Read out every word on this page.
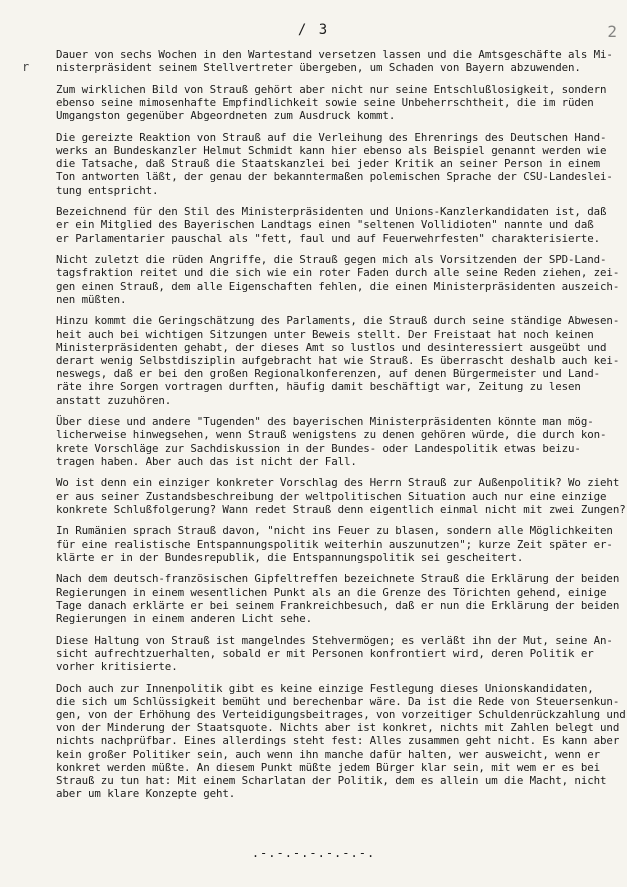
/ 3	2
r

Dauer von sechs Wochen in den Wartestand versetzen lassen und die Amtsgeschäfte als Mi-
nisterpräsident seinem Stellvertreter übergeben, um Schaden von Bayern abzuwenden.

Zum wirklichen Bild von Strauß gehört aber nicht nur seine Entschlußlosigkeit, sondern
ebenso seine mimosenhafte Empfindlichkeit sowie seine Unbeherrschtheit, die im rüden
Umgangston gegenüber Abgeordneten zum Ausdruck kommt.

Die gereizte Reaktion von Strauß auf die Verleihung des Ehrenrings des Deutschen Hand-
werks an Bundeskanzler Helmut Schmidt kann hier ebenso als Beispiel genannt werden wie
die Tatsache, daß Strauß die Staatskanzlei bei jeder Kritik an seiner Person in einem
Ton antworten läßt, der genau der bekanntermaßen polemischen Sprache der CSU-Landeslei-
tung entspricht.

Bezeichnend für den Stil des Ministerpräsidenten und Unions-Kanzlerkandidaten ist, daß
er ein Mitglied des Bayerischen Landtags einen "seltenen Vollidioten" nannte und daß
er Parlamentarier pauschal als "fett, faul und auf Feuerwehrfesten" charakterisierte.

Nicht zuletzt die rüden Angriffe, die Strauß gegen mich als Vorsitzenden der SPD-Land-
tagsfraktion reitet und die sich wie ein roter Faden durch alle seine Reden ziehen, zei-
gen einen Strauß, dem alle Eigenschaften fehlen, die einen Ministerpräsidenten auszeich-
nen müßten.

Hinzu kommt die Geringschätzung des Parlaments, die Strauß durch seine ständige Abwesen-
heit auch bei wichtigen Sitzungen unter Beweis stellt. Der Freistaat hat noch keinen
Ministerpräsidenten gehabt, der dieses Amt so lustlos und desinteressiert ausgeübt und
derart wenig Selbstdisziplin aufgebracht hat wie Strauß. Es überrascht deshalb auch kei-
neswegs, daß er bei den großen Regionalkonferenzen, auf denen Bürgermeister und Land-
räte ihre Sorgen vortragen durften, häufig damit beschäftigt war, Zeitung zu lesen
anstatt zuzuhören.

Über diese und andere "Tugenden" des bayerischen Ministerpräsidenten könnte man mög-
licherweise hinwegsehen, wenn Strauß wenigstens zu denen gehören würde, die durch kon-
krete Vorschläge zur Sachdiskussion in der Bundes- oder Landespolitik etwas beizu-
tragen haben. Aber auch das ist nicht der Fall.

Wo ist denn ein einziger konkreter Vorschlag des Herrn Strauß zur Außenpolitik? Wo zieht
er aus seiner Zustandsbeschreibung der weltpolitischen Situation auch nur eine einzige
konkrete Schlußfolgerung? Wann redet Strauß denn eigentlich einmal nicht mit zwei Zungen?

In Rumänien sprach Strauß davon, "nicht ins Feuer zu blasen, sondern alle Möglichkeiten
für eine realistische Entspannungspolitik weiterhin auszunutzen"; kurze Zeit später er-
klärte er in der Bundesrepublik, die Entspannungspolitik sei gescheitert.

Nach dem deutsch-französischen Gipfeltreffen bezeichnete Strauß die Erklärung der beiden
Regierungen in einem wesentlichen Punkt als an die Grenze des Törichten gehend, einige
Tage danach erklärte er bei seinem Frankreichbesuch, daß er nun die Erklärung der beiden
Regierungen in einem anderen Licht sehe.

Diese Haltung von Strauß ist mangelndes Stehvermögen; es verläßt ihn der Mut, seine An-
sicht aufrechtzuerhalten, sobald er mit Personen konfrontiert wird, deren Politik er
vorher kritisierte.

Doch auch zur Innenpolitik gibt es keine einzige Festlegung dieses Unionskandidaten,
die sich um Schlüssigkeit bemüht und berechenbar wäre. Da ist die Rede von Steuersenkun-
gen, von der Erhöhung des Verteidigungsbeitrages, von vorzeitiger Schuldenrückzahlung und
von der Minderung der Staatsquote. Nichts aber ist konkret, nichts mit Zahlen belegt und
nichts nachprüfbar. Eines allerdings steht fest: Alles zusammen geht nicht. Es kann aber
kein großer Politiker sein, auch wenn ihn manche dafür halten, wer ausweicht, wenn er
konkret werden müßte. An diesem Punkt müßte jedem Bürger klar sein, mit wem er es bei
Strauß zu tun hat: Mit einem Scharlatan der Politik, dem es allein um die Macht, nicht
aber um klare Konzepte geht.

.-.-.-.-.-.-.-.
